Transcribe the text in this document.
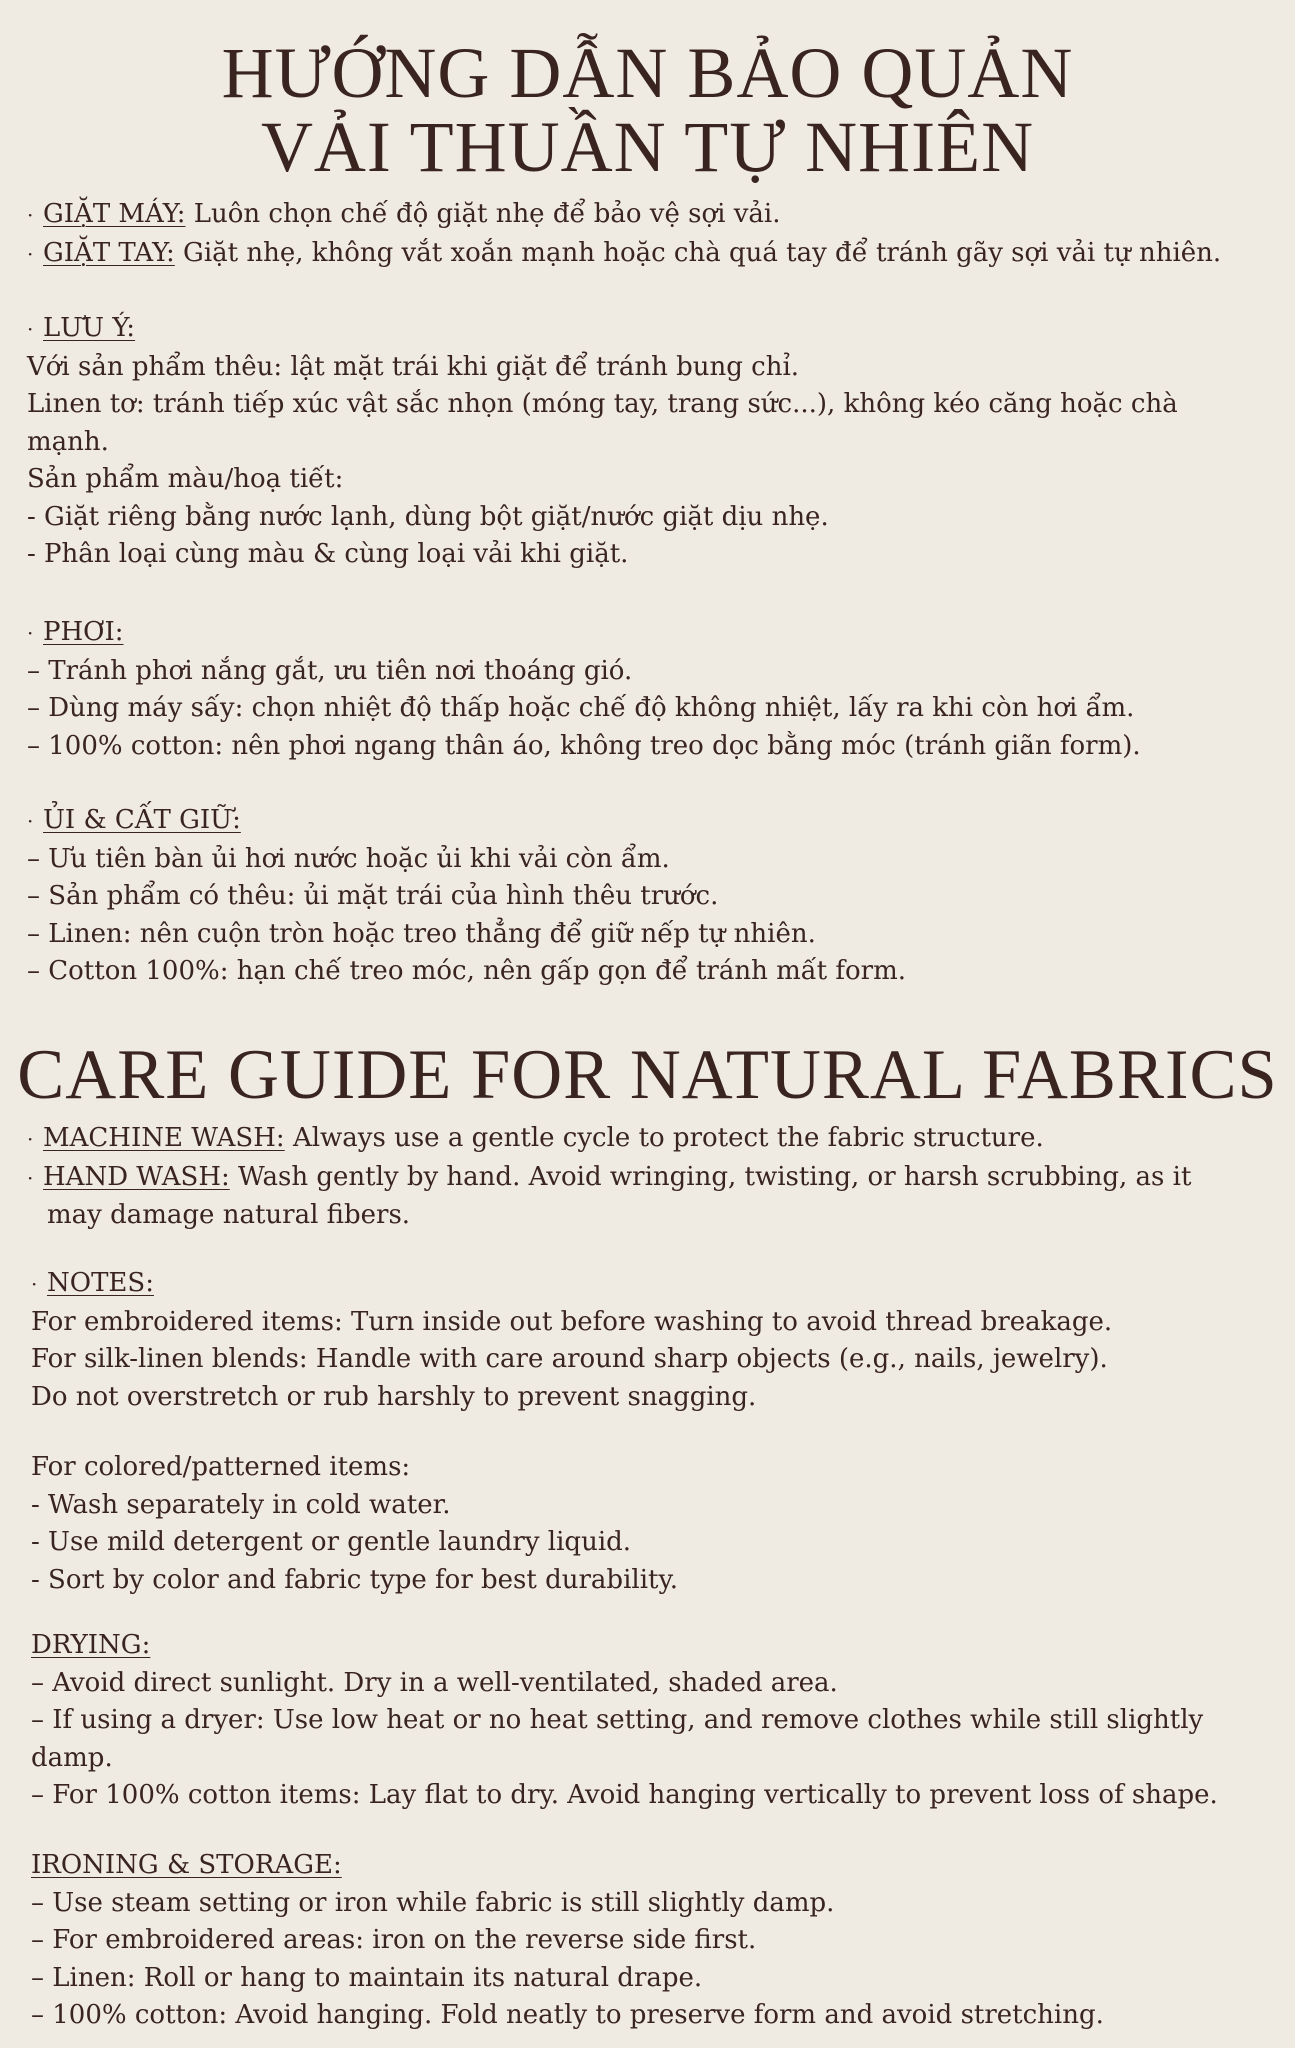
HƯỚNG DẪN BẢO QUẢN
VẢI THUẦN TỰ NHIÊN
· GIẶT MÁY: Luôn chọn chế độ giặt nhẹ để bảo vệ sợi vải.
· GIẶT TAY: Giặt nhẹ, không vắt xoắn mạnh hoặc chà quá tay để tránh gãy sợi vải tự nhiên.
· LƯU Ý:
Với sản phẩm thêu: lật mặt trái khi giặt để tránh bung chỉ.
Linen tơ: tránh tiếp xúc vật sắc nhọn (móng tay, trang sức...), không kéo căng hoặc chà
mạnh.
Sản phẩm màu/hoạ tiết:
- Giặt riêng bằng nước lạnh, dùng bột giặt/nước giặt dịu nhẹ.
- Phân loại cùng màu & cùng loại vải khi giặt.
· PHƠI:
– Tránh phơi nắng gắt, ưu tiên nơi thoáng gió.
– Dùng máy sấy: chọn nhiệt độ thấp hoặc chế độ không nhiệt, lấy ra khi còn hơi ẩm.
– 100% cotton: nên phơi ngang thân áo, không treo dọc bằng móc (tránh giãn form).
· ỦI & CẤT GIỮ:
– Ưu tiên bàn ủi hơi nước hoặc ủi khi vải còn ẩm.
– Sản phẩm có thêu: ủi mặt trái của hình thêu trước.
– Linen: nên cuộn tròn hoặc treo thẳng để giữ nếp tự nhiên.
– Cotton 100%: hạn chế treo móc, nên gấp gọn để tránh mất form.
CARE GUIDE FOR NATURAL FABRICS
· MACHINE WASH: Always use a gentle cycle to protect the fabric structure.
· HAND WASH: Wash gently by hand. Avoid wringing, twisting, or harsh scrubbing, as it
may damage natural fibers.
· NOTES:
For embroidered items: Turn inside out before washing to avoid thread breakage.
For silk-linen blends: Handle with care around sharp objects (e.g., nails, jewelry).
Do not overstretch or rub harshly to prevent snagging.
For colored/patterned items:
- Wash separately in cold water.
- Use mild detergent or gentle laundry liquid.
- Sort by color and fabric type for best durability.
DRYING:
– Avoid direct sunlight. Dry in a well-ventilated, shaded area.
– If using a dryer: Use low heat or no heat setting, and remove clothes while still slightly
damp.
– For 100% cotton items: Lay flat to dry. Avoid hanging vertically to prevent loss of shape.
IRONING & STORAGE:
– Use steam setting or iron while fabric is still slightly damp.
– For embroidered areas: iron on the reverse side first.
– Linen: Roll or hang to maintain its natural drape.
– 100% cotton: Avoid hanging. Fold neatly to preserve form and avoid stretching.
